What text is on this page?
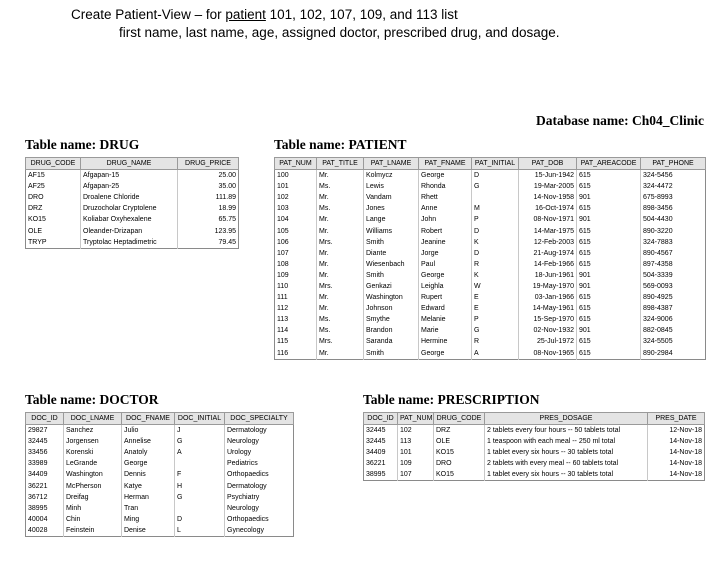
Create Patient-View – for patient 101, 102, 107, 109, and 113 list
first name, last name, age, assigned doctor, prescribed drug, and dosage.
Database name: Ch04_Clinic
Table name: DRUG
DRUG_CODE	DRUG_NAME	DRUG_PRICE
AF15	Afgapan-15	25.00
AF25	Afgapan-25	35.00
DRO	Droalene Chloride	111.89
DRZ	Druzocholar Cryptolene	18.99
KO15	Koliabar Oxyhexalene	65.75
OLE	Oleander-Drizapan	123.95
TRYP	Tryptolac Heptadimetric	79.45
Table name: PATIENT
PAT_NUM	PAT_TITLE	PAT_LNAME	PAT_FNAME	PAT_INITIAL	PAT_DOB	PAT_AREACODE	PAT_PHONE
100	Mr.	Kolmycz	George	D	15-Jun-1942	615	324-5456
101	Ms.	Lewis	Rhonda	G	19-Mar-2005	615	324-4472
102	Mr.	Vandam	Rhett		14-Nov-1958	901	675-8993
103	Ms.	Jones	Anne	M	16-Oct-1974	615	898-3456
104	Mr.	Lange	John	P	08-Nov-1971	901	504-4430
105	Mr.	Williams	Robert	D	14-Mar-1975	615	890-3220
106	Mrs.	Smith	Jeanine	K	12-Feb-2003	615	324-7883
107	Mr.	Diante	Jorge	D	21-Aug-1974	615	890-4567
108	Mr.	Wiesenbach	Paul	R	14-Feb-1966	615	897-4358
109	Mr.	Smith	George	K	18-Jun-1961	901	504-3339
110	Mrs.	Genkazi	Leighla	W	19-May-1970	901	569-0093
111	Mr.	Washington	Rupert	E	03-Jan-1966	615	890-4925
112	Mr.	Johnson	Edward	E	14-May-1961	615	898-4387
113	Ms.	Smythe	Melanie	P	15-Sep-1970	615	324-9006
114	Ms.	Brandon	Marie	G	02-Nov-1932	901	882-0845
115	Mrs.	Saranda	Hermine	R	25-Jul-1972	615	324-5505
116	Mr.	Smith	George	A	08-Nov-1965	615	890-2984
Table name: DOCTOR
DOC_ID	DOC_LNAME	DOC_FNAME	DOC_INITIAL	DOC_SPECIALTY
29827	Sanchez	Julio	J	Dermatology
32445	Jorgensen	Annelise	G	Neurology
33456	Korenski	Anatoly	A	Urology
33989	LeGrande	George		Pediatrics
34409	Washington	Dennis	F	Orthopaedics
36221	McPherson	Katye	H	Dermatology
36712	Dreifag	Herman	G	Psychiatry
38995	Minh	Tran		Neurology
40004	Chin	Ming	D	Orthopaedics
40028	Feinstein	Denise	L	Gynecology
Table name: PRESCRIPTION
DOC_ID	PAT_NUM	DRUG_CODE	PRES_DOSAGE	PRES_DATE
32445	102	DRZ	2 tablets every four hours -- 50 tablets total	12-Nov-18
32445	113	OLE	1 teaspoon with each meal -- 250 ml total	14-Nov-18
34409	101	KO15	1 tablet every six hours -- 30 tablets total	14-Nov-18
36221	109	DRO	2 tablets with every meal -- 60 tablets total	14-Nov-18
38995	107	KO15	1 tablet every six hours -- 30 tablets total	14-Nov-18
